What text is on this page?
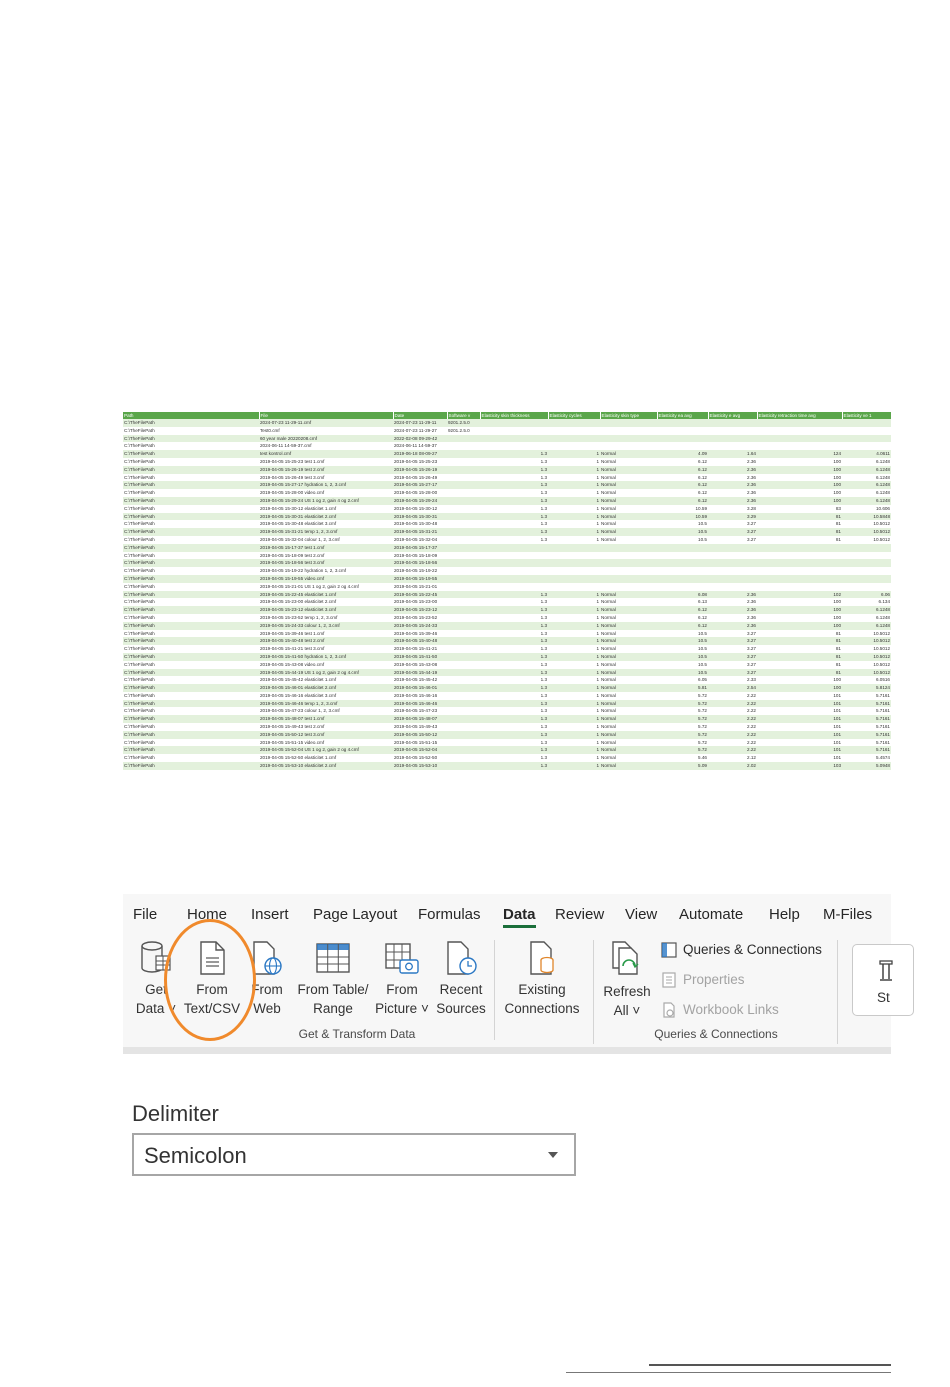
Path	File	Date	Software v	Elasticity skin thickness	Elasticity cycles	Elasticity skin type	Elasticity ea avg	Elasticity e avg	Elasticity retraction time avg	Elasticity ve 1
C:\TheFilePath	2024-07-23 11-29-11.cmf	2024-07-23 11-29-11	9201.2.5.0							
C:\TheFilePath	Test0.cmf	2024-07-23 11-29-27	9201.2.5.0							
C:\TheFilePath	60 year male 20220208.cmf	2022-02-08 09-29-42								
C:\TheFilePath	2024-06-11 14-59-37.cmf	2024-06-11 14-59-37								
C:\TheFilePath	test kontrol.cmf	2019-06-18 08-09-27		1.3	1	Normal	4.09	1.64	124	4.0611
C:\TheFilePath	2019-04-05 15-25-23 test 1.cmf	2019-04-05 15-25-23		1.3	1	Normal	6.12	2.36	100	6.1248
C:\TheFilePath	2019-04-05 15-26-19 test 2.cmf	2019-04-05 15-26-19		1.3	1	Normal	6.12	2.36	100	6.1248
C:\TheFilePath	2019-04-05 15-26-49 test 3.cmf	2019-04-05 15-26-49		1.3	1	Normal	6.12	2.36	100	6.1248
C:\TheFilePath	2019-04-05 15-27-17 hydration 1, 2, 3.cmf	2019-04-05 15-27-17		1.3	1	Normal	6.12	2.36	100	6.1248
C:\TheFilePath	2019-04-05 15-28-00 video.cmf	2019-04-05 15-28-00		1.3	1	Normal	6.12	2.36	100	6.1248
C:\TheFilePath	2019-04-05 15-29-24 US 1 og 2, gain 4 og 2.cmf	2019-04-05 15-29-24		1.3	1	Normal	6.12	2.36	100	6.1248
C:\TheFilePath	2019-04-05 15-30-12 elasticitet 1.cmf	2019-04-05 15-30-12		1.3	1	Normal	10.59	3.28	83	10.606
C:\TheFilePath	2019-04-05 15-30-31 elasticitet 2.cmf	2019-04-05 15-30-31		1.3	1	Normal	10.59	3.29	81	10.5848
C:\TheFilePath	2019-04-05 15-30-48 elasticitet 3.cmf	2019-04-05 15-30-48		1.3	1	Normal	10.5	3.27	81	10.5012
C:\TheFilePath	2019-04-05 15-31-21 temp 1, 2, 3.cmf	2019-04-05 15-31-21		1.3	1	Normal	10.5	3.27	81	10.5012
C:\TheFilePath	2019-04-05 15-32-04 colour 1, 2, 3.cmf	2019-04-05 15-32-04		1.3	1	Normal	10.5	3.27	81	10.5012
C:\TheFilePath	2019-04-05 15-17-37 test 1.cmf	2019-04-05 15-17-37								
C:\TheFilePath	2019-04-05 15-18-09 test 2.cmf	2019-04-05 15-18-09								
C:\TheFilePath	2019-04-05 15-18-56 test 3.cmf	2019-04-05 15-18-56								
C:\TheFilePath	2019-04-05 15-19-22 hydration 1, 2, 3.cmf	2019-04-05 15-19-22								
C:\TheFilePath	2019-04-05 15-19-55 video.cmf	2019-04-05 15-19-55								
C:\TheFilePath	2019-04-05 15-21-01 US 1 og 2, gain 2 og 4.cmf	2019-04-05 15-21-01								
C:\TheFilePath	2019-04-05 15-22-45 elasticitet 1.cmf	2019-04-05 15-22-45		1.3	1	Normal	6.08	2.36	102	6.06
C:\TheFilePath	2019-04-05 15-23-00 elasticitet 2.cmf	2019-04-05 15-23-00		1.3	1	Normal	6.13	2.36	100	6.134
C:\TheFilePath	2019-04-05 15-23-12 elasticitet 3.cmf	2019-04-05 15-23-12		1.3	1	Normal	6.12	2.36	100	6.1248
C:\TheFilePath	2019-04-05 15-23-52 temp 1, 2, 3.cmf	2019-04-05 15-23-52		1.3	1	Normal	6.12	2.36	100	6.1248
C:\TheFilePath	2019-04-05 15-24-33 colour 1, 2, 3.cmf	2019-04-05 15-24-33		1.3	1	Normal	6.12	2.36	100	6.1248
C:\TheFilePath	2019-04-05 15-39-46 test 1.cmf	2019-04-05 15-39-46		1.3	1	Normal	10.5	3.27	81	10.5012
C:\TheFilePath	2019-04-05 15-40-48 test 2.cmf	2019-04-05 15-40-48		1.3	1	Normal	10.5	3.27	81	10.5012
C:\TheFilePath	2019-04-05 15-41-21 test 3.cmf	2019-04-05 15-41-21		1.3	1	Normal	10.5	3.27	81	10.5012
C:\TheFilePath	2019-04-05 15-41-50 hydration 1, 2, 3.cmf	2019-04-05 15-41-50		1.3	1	Normal	10.5	3.27	81	10.5012
C:\TheFilePath	2019-04-05 15-43-08 video.cmf	2019-04-05 15-43-08		1.3	1	Normal	10.5	3.27	81	10.5012
C:\TheFilePath	2019-04-05 15-44-19 US 1 og 2, gain 2 og 4.cmf	2019-04-05 15-44-19		1.3	1	Normal	10.5	3.27	81	10.5012
C:\TheFilePath	2019-04-05 15-45-42 elasticitet 1.cmf	2019-04-05 15-45-42		1.3	1	Normal	6.05	2.33	100	6.0516
C:\TheFilePath	2019-04-05 15-46-01 elasticitet 2.cmf	2019-04-05 15-46-01		1.3	1	Normal	5.81	2.54	100	5.8124
C:\TheFilePath	2019-04-05 15-46-16 elasticitet 3.cmf	2019-04-05 15-46-16		1.3	1	Normal	5.72	2.22	101	5.7161
C:\TheFilePath	2019-04-05 15-46-46 temp 1, 2, 3.cmf	2019-04-05 15-46-46		1.3	1	Normal	5.72	2.22	101	5.7161
C:\TheFilePath	2019-04-05 15-47-23 colour 1, 2, 3.cmf	2019-04-05 15-47-23		1.3	1	Normal	5.72	2.22	101	5.7161
C:\TheFilePath	2019-04-05 15-48-07 test 1.cmf	2019-04-05 15-48-07		1.3	1	Normal	5.72	2.22	101	5.7161
C:\TheFilePath	2019-04-05 15-49-43 test 2.cmf	2019-04-05 15-49-43		1.3	1	Normal	5.72	2.22	101	5.7161
C:\TheFilePath	2019-04-05 15-50-12 test 3.cmf	2019-04-05 15-50-12		1.3	1	Normal	5.72	2.22	101	5.7161
C:\TheFilePath	2019-04-05 15-51-15 video.cmf	2019-04-05 15-51-15		1.3	1	Normal	5.72	2.22	101	5.7161
C:\TheFilePath	2019-04-05 15-52-04 US 1 og 2, gain 2 og 4.cmf	2019-04-05 15-52-04		1.3	1	Normal	5.72	2.22	101	5.7161
C:\TheFilePath	2019-04-05 15-52-50 elasticitet 1.cmf	2019-04-05 15-52-50		1.3	1	Normal	5.46	2.12	101	5.4574
C:\TheFilePath	2019-04-05 15-53-10 elasticitet 2.cmf	2019-04-05 15-53-10		1.3	1	Normal	5.09	2.02	103	5.0948
File Home Insert Page Layout Formulas Data Review View Automate Help M-Files
Get
Data ˅
From
Text/CSV
From
Web
From Table/
Range
From
Picture ˅
Recent
Sources
Existing
Connections
Get & Transform Data
Refresh
All ˅
Queries & Connections
Properties
Workbook Links
Queries & Connections
St
Delimiter
Semicolon
